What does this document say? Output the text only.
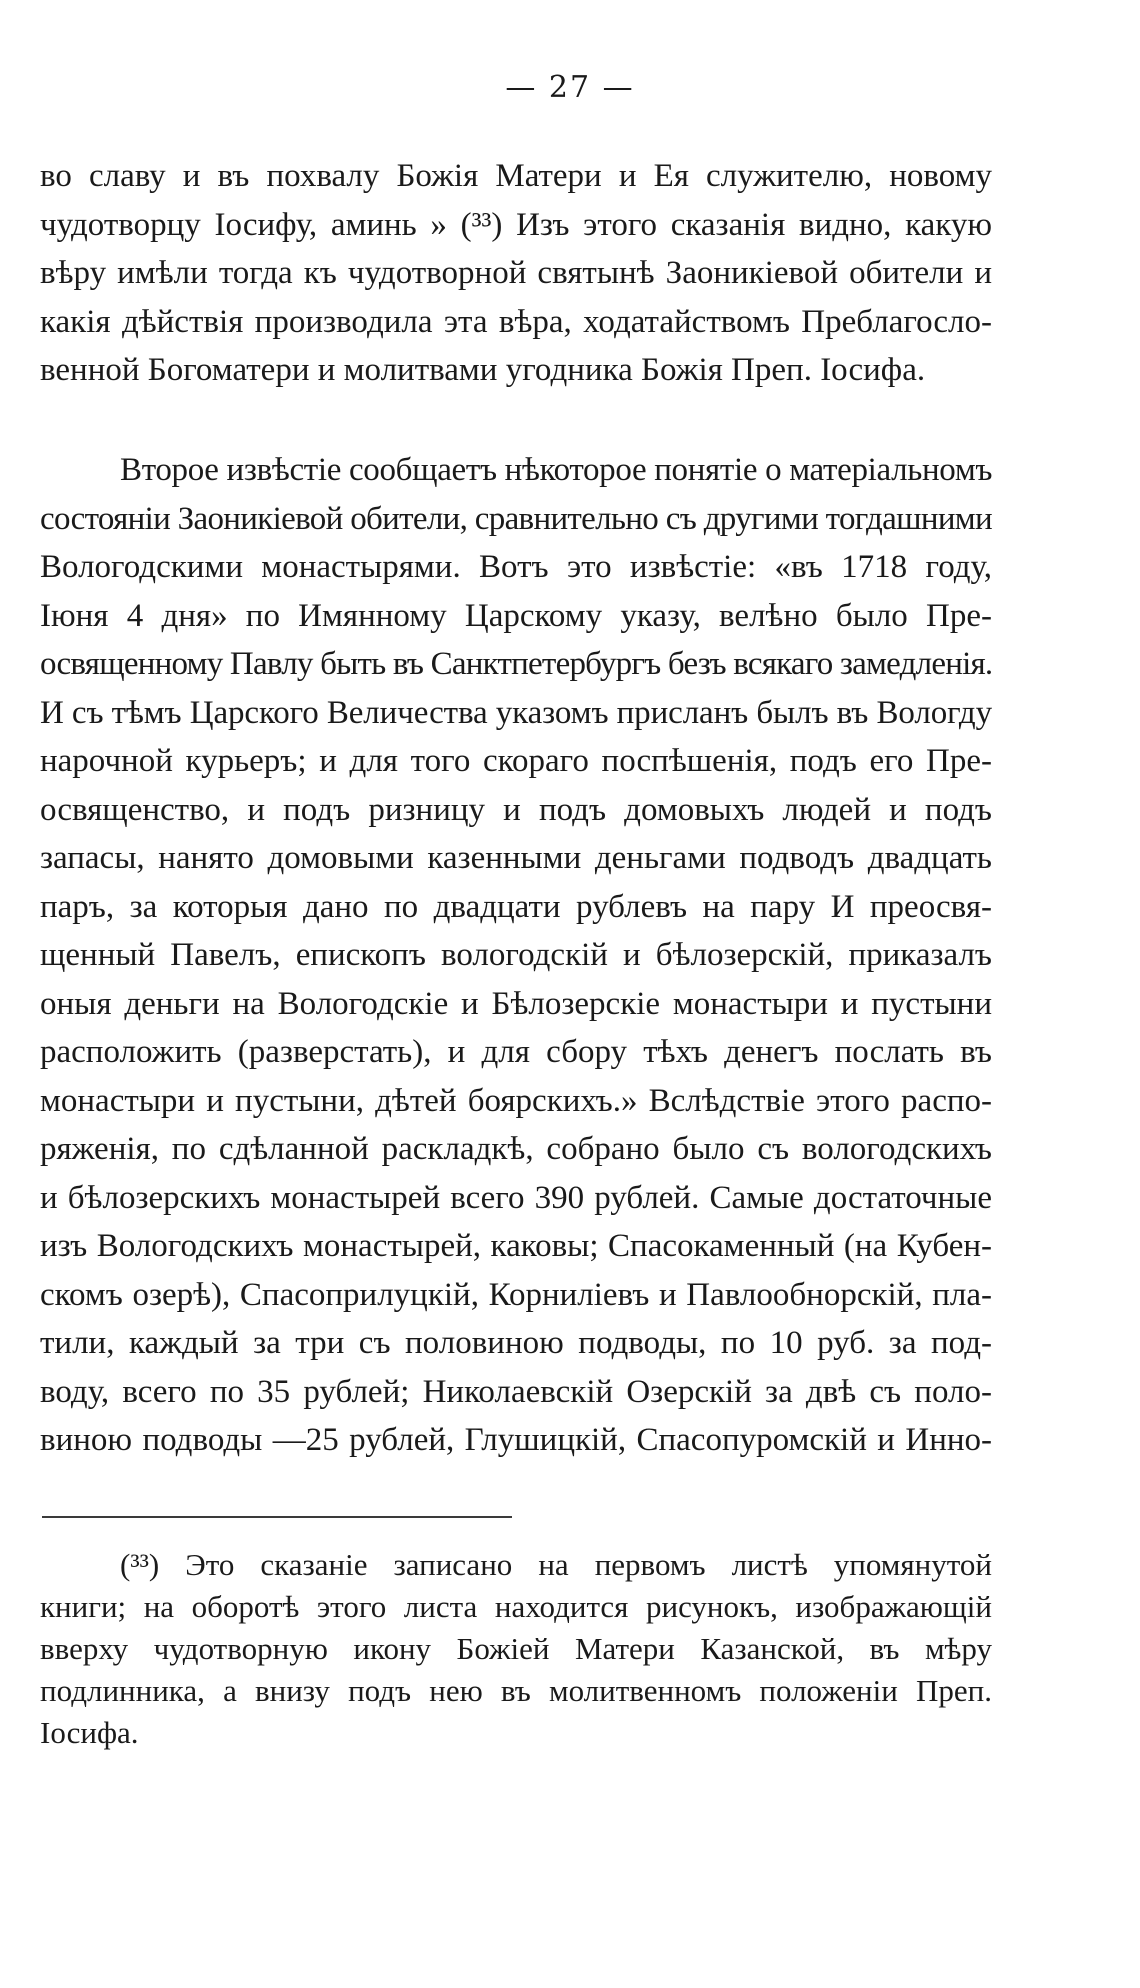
— 27 —
во славу и въ похвалу Божія Матери и Ея служителю, новому
чудотворцу Іосифу, аминь » (³³) Изъ этого сказанія видно, какую
вѣру имѣли тогда къ чудотворной святынѣ Заоникіевой обители и
какія дѣйствія производила эта вѣра, ходатайствомъ Преблагосло-
венной Богоматери и молитвами угодника Божія Преп. Іосифа.
Второе извѣстіе сообщаетъ нѣкоторое понятіе о матеріальномъ
состояніи Заоникіевой обители, сравнительно съ другими тогдашними
Вологодскими монастырями. Вотъ это извѣстіе: «въ 1718 году,
Іюня 4 дня» по Имянному Царскому указу, велѣно было Пре-
освященному Павлу быть въ Санктпетербургъ безъ всякаго замедленія.
И съ тѣмъ Царского Величества указомъ присланъ былъ въ Вологду
нарочной курьеръ; и для того скораго поспѣшенія, подъ его Пре-
освященство, и подъ ризницу и подъ домовыхъ людей и подъ
запасы, нанято домовыми казенными деньгами подводъ двадцать
паръ, за которыя дано по двадцати рублевъ на пару И преосвя-
щенный Павелъ, епископъ вологодскій и бѣлозерскій, приказалъ
оныя деньги на Вологодскіе и Бѣлозерскіе монастыри и пустыни
расположить (разверстать), и для сбору тѣхъ денегъ послать въ
монастыри и пустыни, дѣтей боярскихъ.» Вслѣдствіе этого распо-
ряженія, по сдѣланной раскладкѣ, собрано было съ вологодскихъ
и бѣлозерскихъ монастырей всего 390 рублей. Самые достаточные
изъ Вологодскихъ монастырей, каковы; Спасокаменный (на Кубен-
скомъ озерѣ), Спасоприлуцкій, Корнилiевъ и Павлообнорскій, пла-
тили, каждый за три съ половиною подводы, по 10 руб. за под-
воду, всего по 35 рублей; Николаевскій Озерскій за двѣ съ поло-
виною подводы —25 рублей, Глушицкій, Спасопуромскій и Инно-
(³³) Это сказаніе записано на первомъ листѣ упомянутой
книги; на оборотѣ этого листа находится рисунокъ, изображающій
вверху чудотворную икону Божіей Матери Казанской, въ мѣру
подлинника, а внизу подъ нею въ молитвенномъ положеніи Преп.
Іосифа.
